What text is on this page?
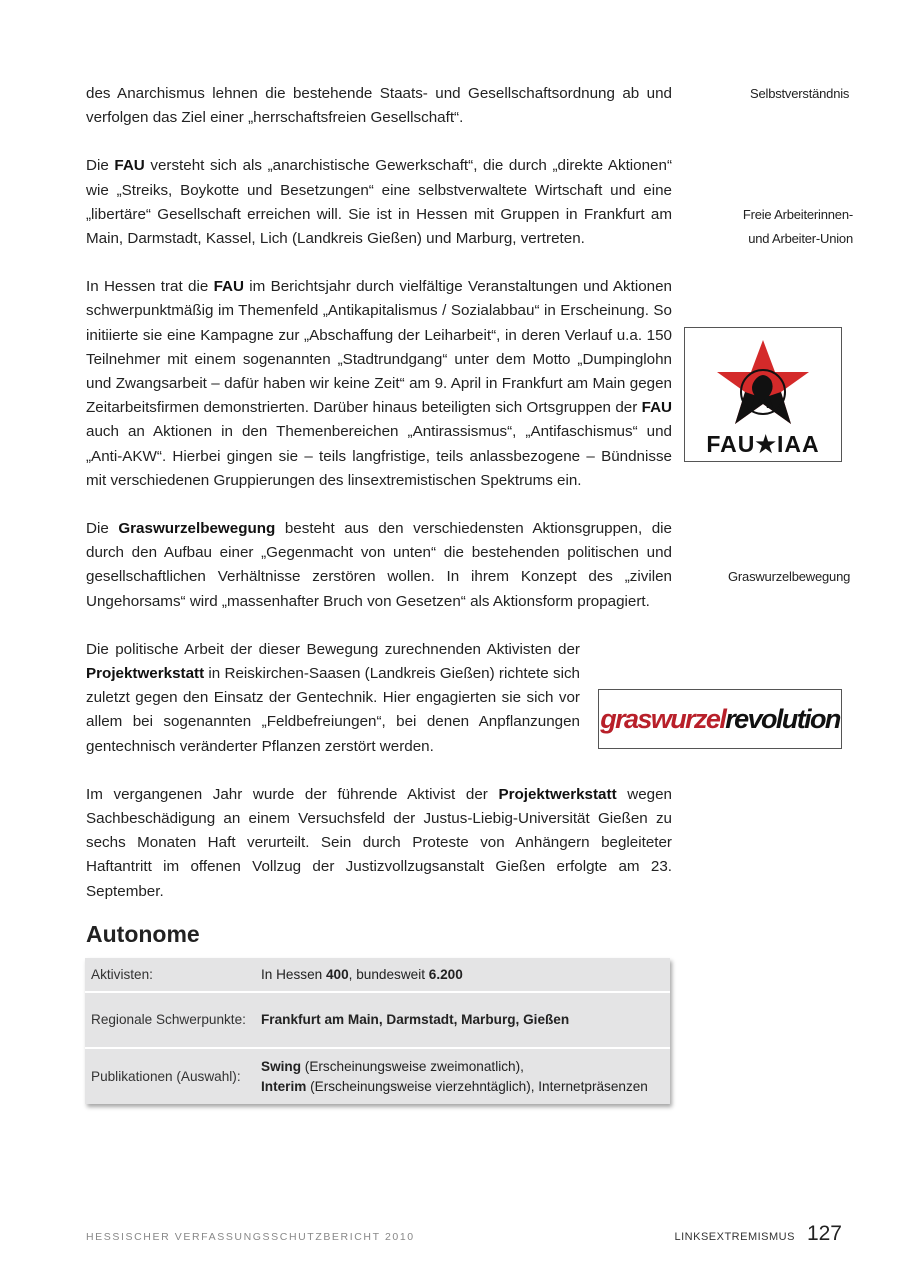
Selbstverständnis
Freie Arbeiterinnen-
und Arbeiter-Union
Graswurzelbewegung
FAU★IAA
graswurzel revolution

des Anarchismus lehnen die bestehende Staats- und Gesellschaftsordnung ab und verfolgen das Ziel einer „herrschaftsfreien Gesellschaft“.

Die FAU versteht sich als „anarchistische Gewerkschaft“, die durch „direkte Aktionen“ wie „Streiks, Boykotte und Besetzungen“ eine selbstverwaltete Wirtschaft und eine „libertäre“ Gesellschaft erreichen will. Sie ist in Hessen mit Gruppen in Frankfurt am Main, Darmstadt, Kassel, Lich (Landkreis Gießen) und Marburg, vertreten.

In Hessen trat die FAU im Berichtsjahr durch vielfältige Veranstaltungen und Aktionen schwerpunktmäßig im Themenfeld „Antikapitalismus / Sozialabbau“ in Erscheinung. So initiierte sie eine Kampagne zur „Abschaffung der Leiharbeit“, in deren Verlauf u.a. 150 Teilnehmer mit einem sogenannten „Stadtrundgang“ unter dem Motto „Dumpinglohn und Zwangsarbeit – dafür haben wir keine Zeit“ am 9. April in Frankfurt am Main gegen Zeitarbeitsfirmen demonstrierten. Darüber hinaus beteiligten sich Ortsgruppen der FAU auch an Aktionen in den Themenbereichen „Antirassismus“, „Antifaschismus“ und „Anti-AKW“. Hierbei gingen sie – teils langfristige, teils anlassbezogene – Bündnisse mit verschiedenen Gruppierungen des linsextremistischen Spektrums ein.

Die Graswurzelbewegung besteht aus den verschiedensten Aktionsgruppen, die durch den Aufbau einer „Gegenmacht von unten“ die bestehenden politischen und gesellschaftlichen Verhältnisse zerstören wollen. In ihrem Konzept des „zivilen Ungehorsams“ wird „massenhafter Bruch von Gesetzen“ als Aktionsform propagiert.

Die politische Arbeit der dieser Bewegung zurechnenden Aktivisten der Projektwerkstatt in Reiskirchen-Saasen (Landkreis Gießen) richtete sich zuletzt gegen den Einsatz der Gentechnik. Hier engagierten sie sich vor allem bei sogenannten „Feldbefreiungen“, bei denen Anpflanzungen gentechnisch veränderter Pflanzen zerstört werden.

Im vergangenen Jahr wurde der führende Aktivist der Projektwerkstatt wegen Sachbeschädigung an einem Versuchsfeld der Justus-Liebig-Universität Gießen zu sechs Monaten Haft verurteilt. Sein durch Proteste von Anhängern begleiteter Haftantritt im offenen Vollzug der Justizvollzugsanstalt Gießen erfolgte am 23. September.

Autonome
Aktivisten:	In Hessen 400, bundesweit 6.200
Regionale Schwerpunkte:	Frankfurt am Main, Darmstadt, Marburg, Gießen
Publikationen (Auswahl):	Swing (Erscheinungsweise zweimonatlich),
Interim (Erscheinungsweise vierzehntäglich), Internetpräsenzen
HESSISCHER VERFASSUNGSSCHUTZBERICHT 2010	LINKSEXTREMISMUS 127
